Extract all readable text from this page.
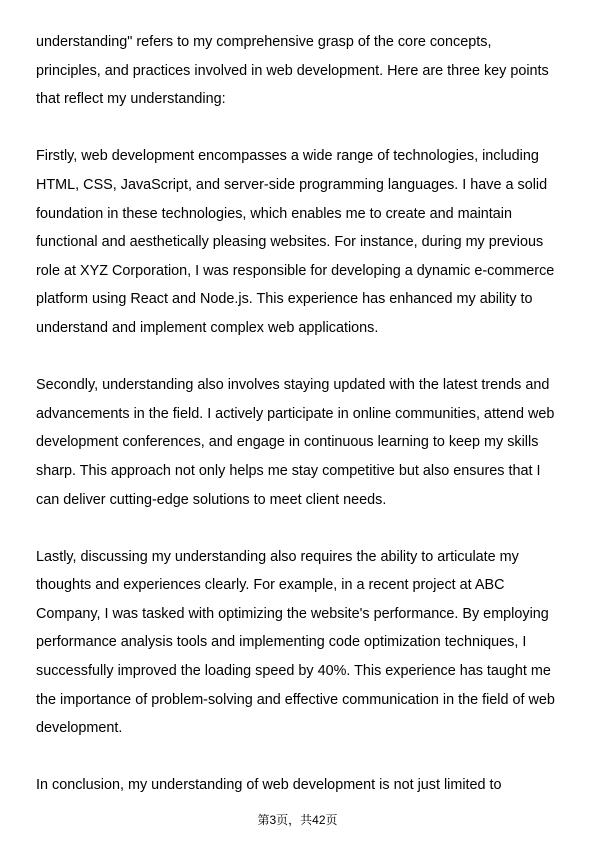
understanding" refers to my comprehensive grasp of the core concepts,
principles, and practices involved in web development. Here are three key points
that reflect my understanding:
Firstly, web development encompasses a wide range of technologies, including
HTML, CSS, JavaScript, and server-side programming languages. I have a solid
foundation in these technologies, which enables me to create and maintain
functional and aesthetically pleasing websites. For instance, during my previous
role at XYZ Corporation, I was responsible for developing a dynamic e-commerce
platform using React and Node.js. This experience has enhanced my ability to
understand and implement complex web applications.
Secondly, understanding also involves staying updated with the latest trends and
advancements in the field. I actively participate in online communities, attend web
development conferences, and engage in continuous learning to keep my skills
sharp. This approach not only helps me stay competitive but also ensures that I
can deliver cutting-edge solutions to meet client needs.
Lastly, discussing my understanding also requires the ability to articulate my
thoughts and experiences clearly. For example, in a recent project at ABC
Company, I was tasked with optimizing the website's performance. By employing
performance analysis tools and implementing code optimization techniques, I
successfully improved the loading speed by 40%. This experience has taught me
the importance of problem-solving and effective communication in the field of web
development.
In conclusion, my understanding of web development is not just limited to
第3页，共42页
